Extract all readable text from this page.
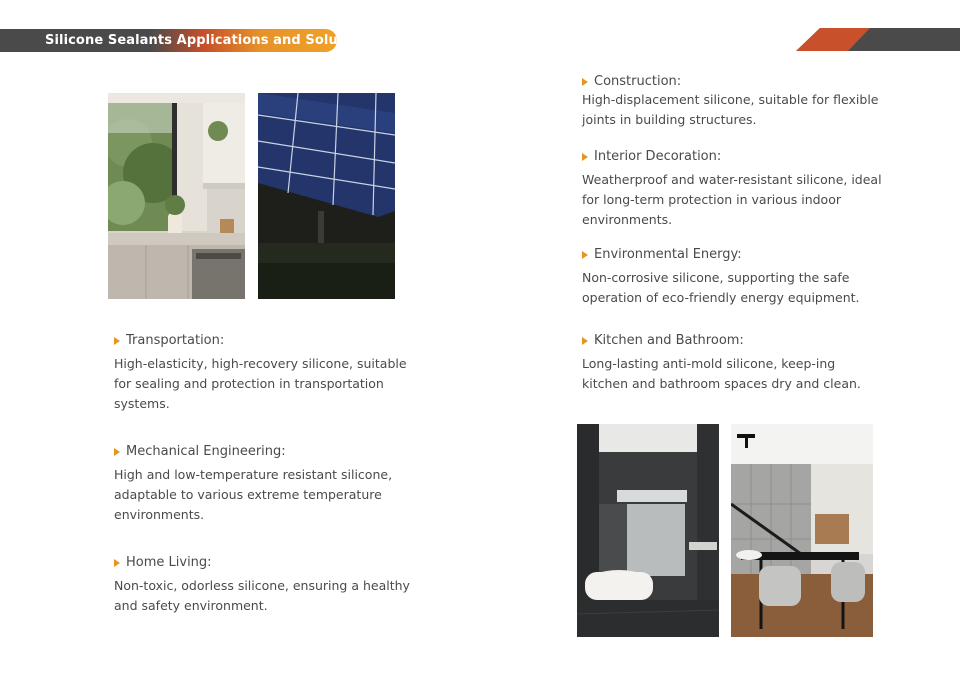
Silicone Sealants Applications and Solutions
Construction:

High-displacement silicone, suitable for flexible joints in building structures.

Interior Decoration:

Weatherproof and water-resistant silicone, ideal for long-term protection in various indoor environments.

Environmental Energy:

Non-corrosive silicone, supporting the safe operation of eco-friendly energy equipment.

Kitchen and Bathroom:

Long-lasting anti-mold silicone, keep-ing kitchen and bathroom spaces dry and clean.

Transportation:

High-elasticity, high-recovery silicone, suitable for sealing and protection in transportation systems.

Mechanical Engineering:

High and low-temperature resistant silicone, adaptable to various extreme temperature environments.

Home Living:

Non-toxic, odorless silicone, ensuring a healthy and safety environment.
